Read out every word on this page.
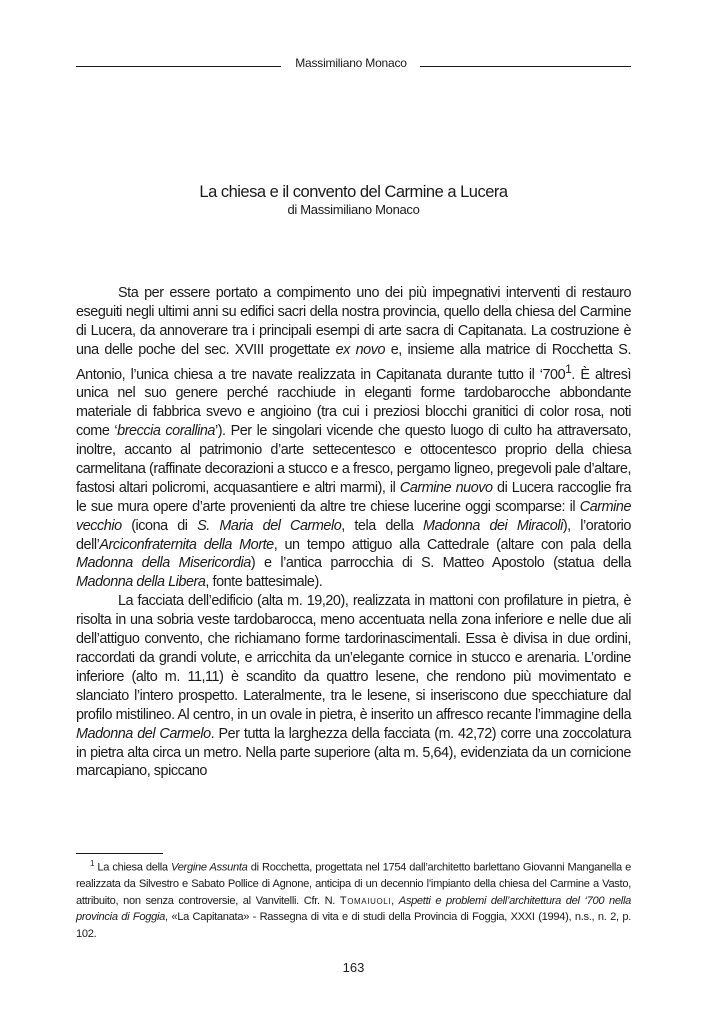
Massimiliano Monaco
La chiesa e il convento del Carmine a Lucera
di Massimiliano Monaco

Sta per essere portato a compimento uno dei più impegnativi interventi di restauro eseguiti negli ultimi anni su edifici sacri della nostra provincia, quello della chiesa del Carmine di Lucera, da annoverare tra i principali esempi di arte sacra di Capitanata. La costruzione è una delle poche del sec. XVIII progettate ex novo e, insieme alla matrice di Rocchetta S. Antonio, l’unica chiesa a tre navate realizzata in Capitanata durante tutto il ‘$700^1$. È altresì unica nel suo genere perché racchiude in eleganti forme tardobarocche abbondante materiale di fabbrica svevo e angioino (tra cui i preziosi blocchi granitici di color rosa, noti come ‘breccia corallina’). Per le singolari vicende che questo luogo di culto ha attraversato, inoltre, accanto al patrimonio d’arte settecentesco e ottocentesco proprio della chiesa carmelitana (raffinate decorazioni a stucco e a fresco, pergamo ligneo, pregevoli pale d’altare, fastosi altari policromi, acquasantiere e altri marmi), il Carmine nuovo di Lucera raccoglie fra le sue mura opere d’arte provenienti da altre tre chiese lucerine oggi scomparse: il Carmine vecchio (icona di S. Maria del Carmelo, tela della Madonna dei Miracoli), l’oratorio dell’Arciconfraternita della Morte, un tempo attiguo alla Cattedrale (altare con pala della Madonna della Misericordia) e l’antica parrocchia di S. Matteo Apostolo (statua della Madonna della Libera, fonte battesimale).

La facciata dell’edificio (alta m. 19,20), realizzata in mattoni con profilature in pietra, è risolta in una sobria veste tardobarocca, meno accentuata nella zona inferiore e nelle due ali dell’attiguo convento, che richiamano forme tardorinascimentali. Essa è divisa in due ordini, raccordati da grandi volute, e arricchita da un’elegante cornice in stucco e arenaria. L’ordine inferiore (alto m. 11,11) è scandito da quattro lesene, che rendono più movimentato e slanciato l’intero prospetto. Lateralmente, tra le lesene, si inseriscono due specchiature dal profilo mistilineo. Al centro, in un ovale in pietra, è inserito un affresco recante l’immagine della Madonna del Carmelo. Per tutta la larghezza della facciata (m. 42,72) corre una zoccolatura in pietra alta circa un metro. Nella parte superiore (alta m. 5,64), evidenziata da un cornicione marcapiano, spiccano

$^1$ La chiesa della Vergine Assunta di Rocchetta, progettata nel 1754 dall’architetto barlettano Giovanni Manganella e realizzata da Silvestro e Sabato Pollice di Agnone, anticipa di un decennio l’impianto della chiesa del Carmine a Vasto, attribuito, non senza controversie, al Vanvitelli. Cfr. N. Tomaiuoli, Aspetti e problemi dell’architettura del ‘700 nella provincia di Foggia, «La Capitanata» - Rassegna di vita e di studi della Provincia di Foggia, XXXI (1994), n.s., n. 2, p. 102.
163
